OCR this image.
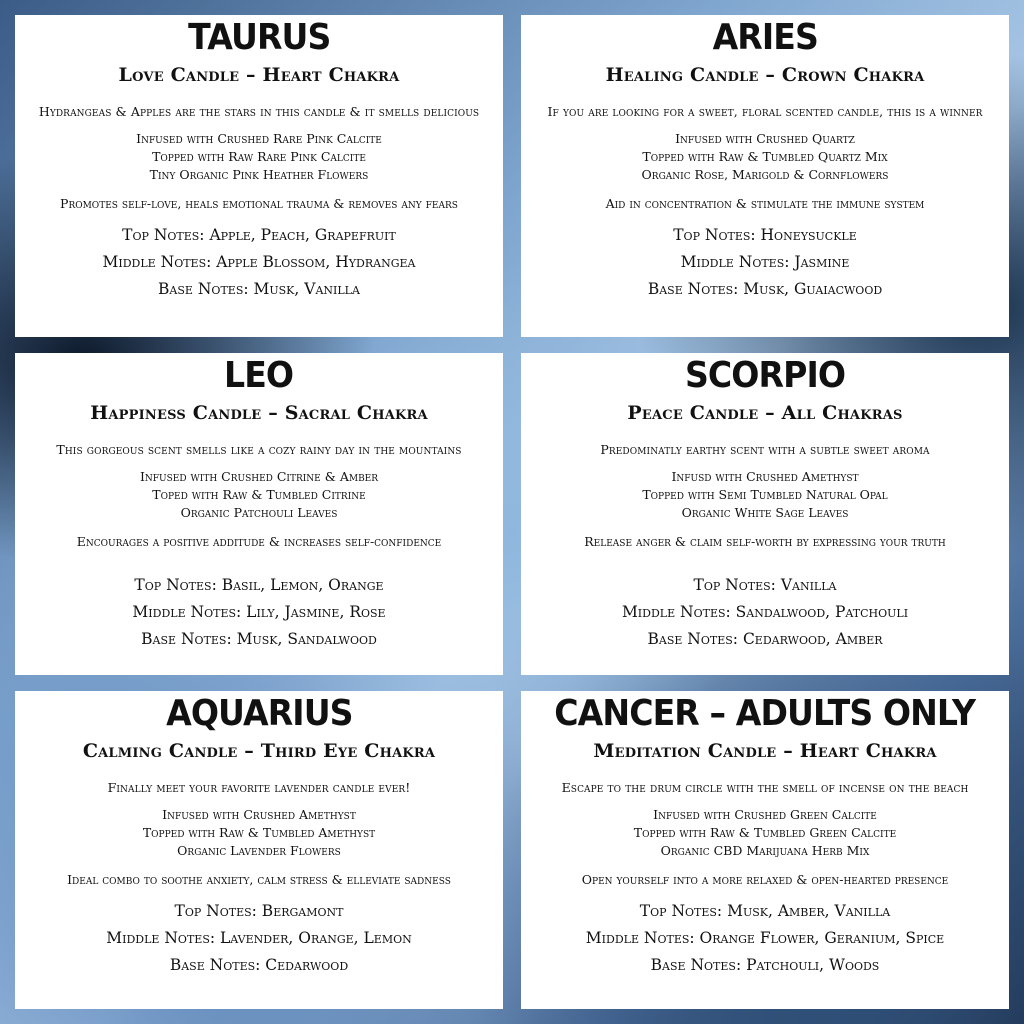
TAURUS
Love Candle – Heart Chakra
Hydrangeas & Apples are the stars in this candle & it smells delicious
Infused with Crushed Rare Pink Calcite
Topped with Raw Rare Pink Calcite
Tiny Organic Pink Heather Flowers
Promotes self-love, heals emotional trauma & removes any fears
Top Notes: Apple, Peach, Grapefruit
Middle Notes: Apple Blossom, Hydrangea
Base Notes: Musk, Vanilla
ARIES
Healing Candle – Crown Chakra
If you are looking for a sweet, floral scented candle, this is a winner
Infused with Crushed Quartz
Topped with Raw & Tumbled Quartz Mix
Organic Rose, Marigold & Cornflowers
Aid in concentration & stimulate the immune system
Top Notes: Honeysuckle
Middle Notes: Jasmine
Base Notes: Musk, Guaiacwood
LEO
Happiness Candle – Sacral Chakra
This gorgeous scent smells like a cozy rainy day in the mountains
Infused with Crushed Citrine & Amber
Toped with Raw & Tumbled Citrine
Organic Patchouli Leaves
Encourages a positive additude & increases self-confidence
Top Notes: Basil, Lemon, Orange
Middle Notes: Lily, Jasmine, Rose
Base Notes: Musk, Sandalwood
SCORPIO
Peace Candle – All Chakras
Predominatly earthy scent with a subtle sweet aroma
Infusd with Crushed Amethyst
Topped with Semi Tumbled Natural Opal
Organic White Sage Leaves
Release anger & claim self-worth by expressing your truth
Top Notes: Vanilla
Middle Notes: Sandalwood, Patchouli
Base Notes: Cedarwood, Amber
AQUARIUS
Calming Candle – Third Eye Chakra
Finally meet your favorite lavender candle ever!
Infused with Crushed Amethyst
Topped with Raw & Tumbled Amethyst
Organic Lavender Flowers
Ideal combo to soothe anxiety, calm stress & elleviate sadness
Top Notes: Bergamont
Middle Notes: Lavender, Orange, Lemon
Base Notes: Cedarwood
CANCER – ADULTS ONLY
Meditation Candle – Heart Chakra
Escape to the drum circle with the smell of incense on the beach
Infused with Crushed Green Calcite
Topped with Raw & Tumbled Green Calcite
Organic CBD Marijuana Herb Mix
Open yourself into a more relaxed & open-hearted presence
Top Notes: Musk, Amber, Vanilla
Middle Notes: Orange Flower, Geranium, Spice
Base Notes: Patchouli, Woods
